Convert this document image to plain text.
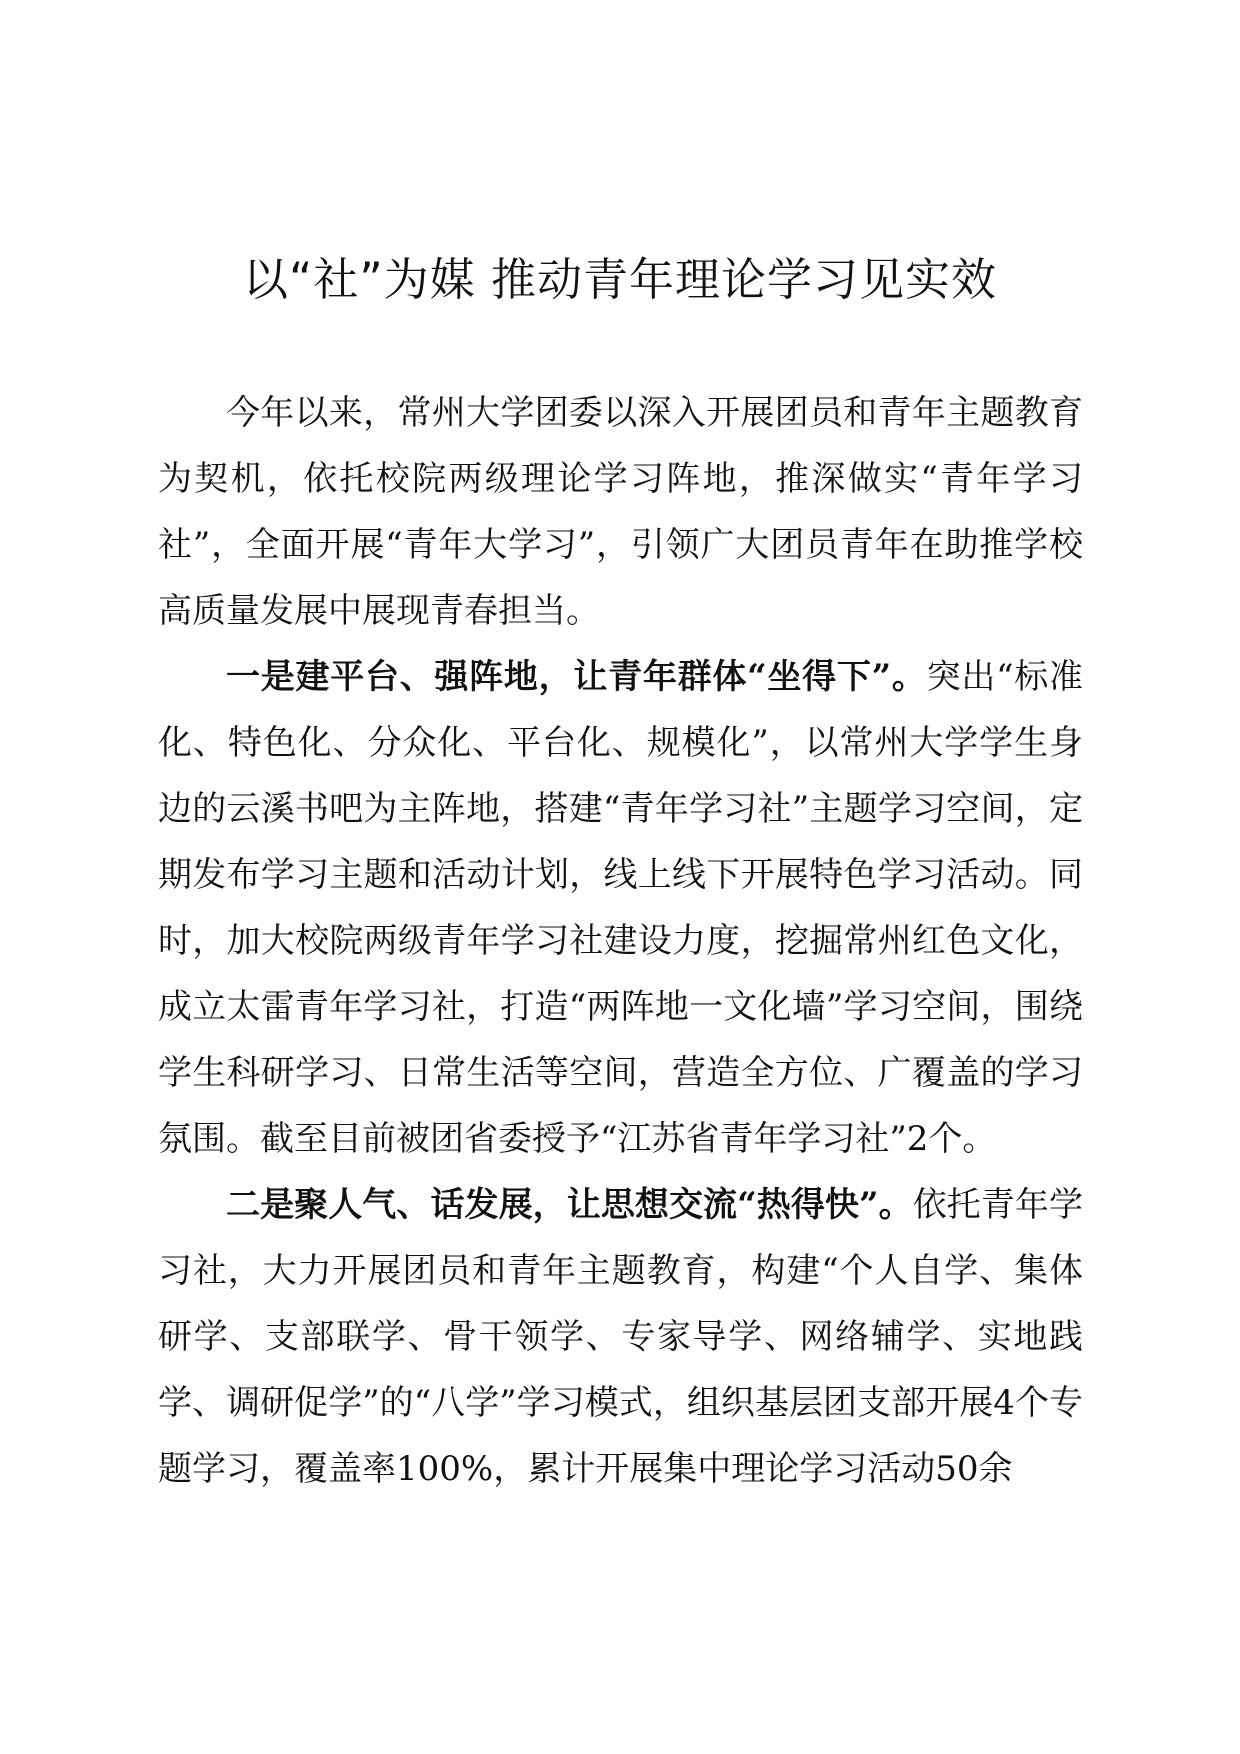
以“社”为媒 推动青年理论学习见实效

今年以来，常州大学团委以深入开展团员和青年主题教育为契机，依托校院两级理论学习阵地，推深做实“青年学习社”，全面开展“青年大学习”，引领广大团员青年在助推学校高质量发展中展现青春担当。

一是建平台、强阵地，让青年群体“坐得下”。突出“标准化、特色化、分众化、平台化、规模化”，以常州大学学生身边的云溪书吧为主阵地，搭建“青年学习社”主题学习空间，定期发布学习主题和活动计划，线上线下开展特色学习活动。同时，加大校院两级青年学习社建设力度，挖掘常州红色文化，成立太雷青年学习社，打造“两阵地一文化墙”学习空间，围绕学生科研学习、日常生活等空间，营造全方位、广覆盖的学习氛围。截至目前被团省委授予“江苏省青年学习社”2个。

二是聚人气、话发展，让思想交流“热得快”。依托青年学习社，大力开展团员和青年主题教育，构建“个人自学、集体研学、支部联学、骨干领学、专家导学、网络辅学、实地践学、调研促学”的“八学”学习模式，组织基层团支部开展4个专题学习，覆盖率100%，累计开展集中理论学习活动50余
